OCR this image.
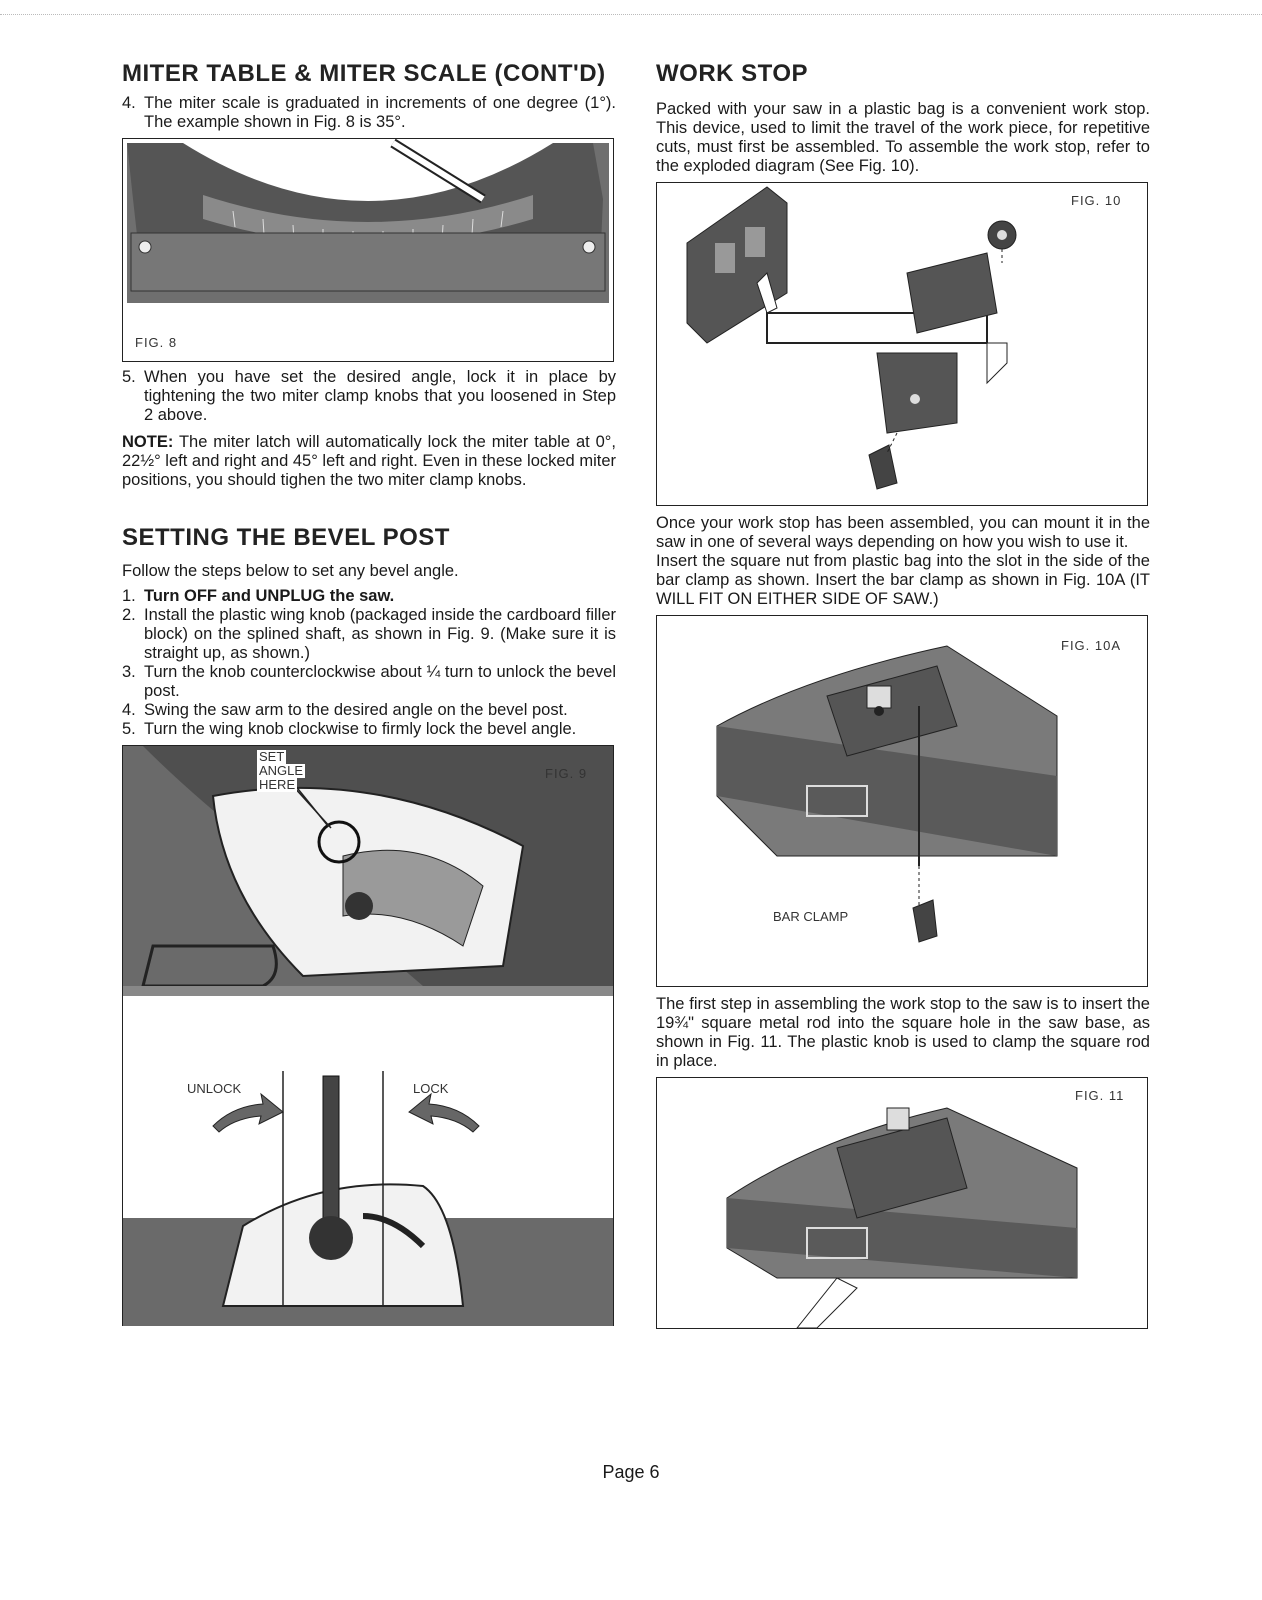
MITER TABLE & MITER SCALE (CONT'D)
4. The miter scale is graduated in increments of one degree (1°). The example shown in Fig. 8 is 35°.
FIG. 8
5. When you have set the desired angle, lock it in place by tightening the two miter clamp knobs that you loosened in Step 2 above.

NOTE: The miter latch will automatically lock the miter table at 0°, 22½° left and right and 45° left and right. Even in these locked miter positions, you should tighen the two miter clamp knobs.

SETTING THE BEVEL POST

Follow the steps below to set any bevel angle.

1. Turn OFF and UNPLUG the saw.
2. Install the plastic wing knob (packaged inside the cardboard filler block) on the splined shaft, as shown in Fig. 9. (Make sure it is straight up, as shown.)
3. Turn the knob counterclockwise about ¼ turn to unlock the bevel post.
4. Swing the saw arm to the desired angle on the bevel post.
5. Turn the wing knob clockwise to firmly lock the bevel angle.
FIG. 9
SET
ANGLE
HERE
UNLOCK	LOCK
WORK STOP

Packed with your saw in a plastic bag is a convenient work stop. This device, used to limit the travel of the work piece, for repetitive cuts, must first be assembled. To assemble the work stop, refer to the exploded diagram (See Fig. 10).

FIG. 10

Once your work stop has been assembled, you can mount it in the saw in one of several ways depending on how you wish to use it.

Insert the square nut from plastic bag into the slot in the side of the bar clamp as shown. Insert the bar clamp as shown in Fig. 10A (IT WILL FIT ON EITHER SIDE OF SAW.)

FIG. 10A
BAR CLAMP

The first step in assembling the work stop to the saw is to insert the 19¾" square metal rod into the square hole in the saw base, as shown in Fig. 11. The plastic knob is used to clamp the square rod in place.

FIG. 11
Page 6
